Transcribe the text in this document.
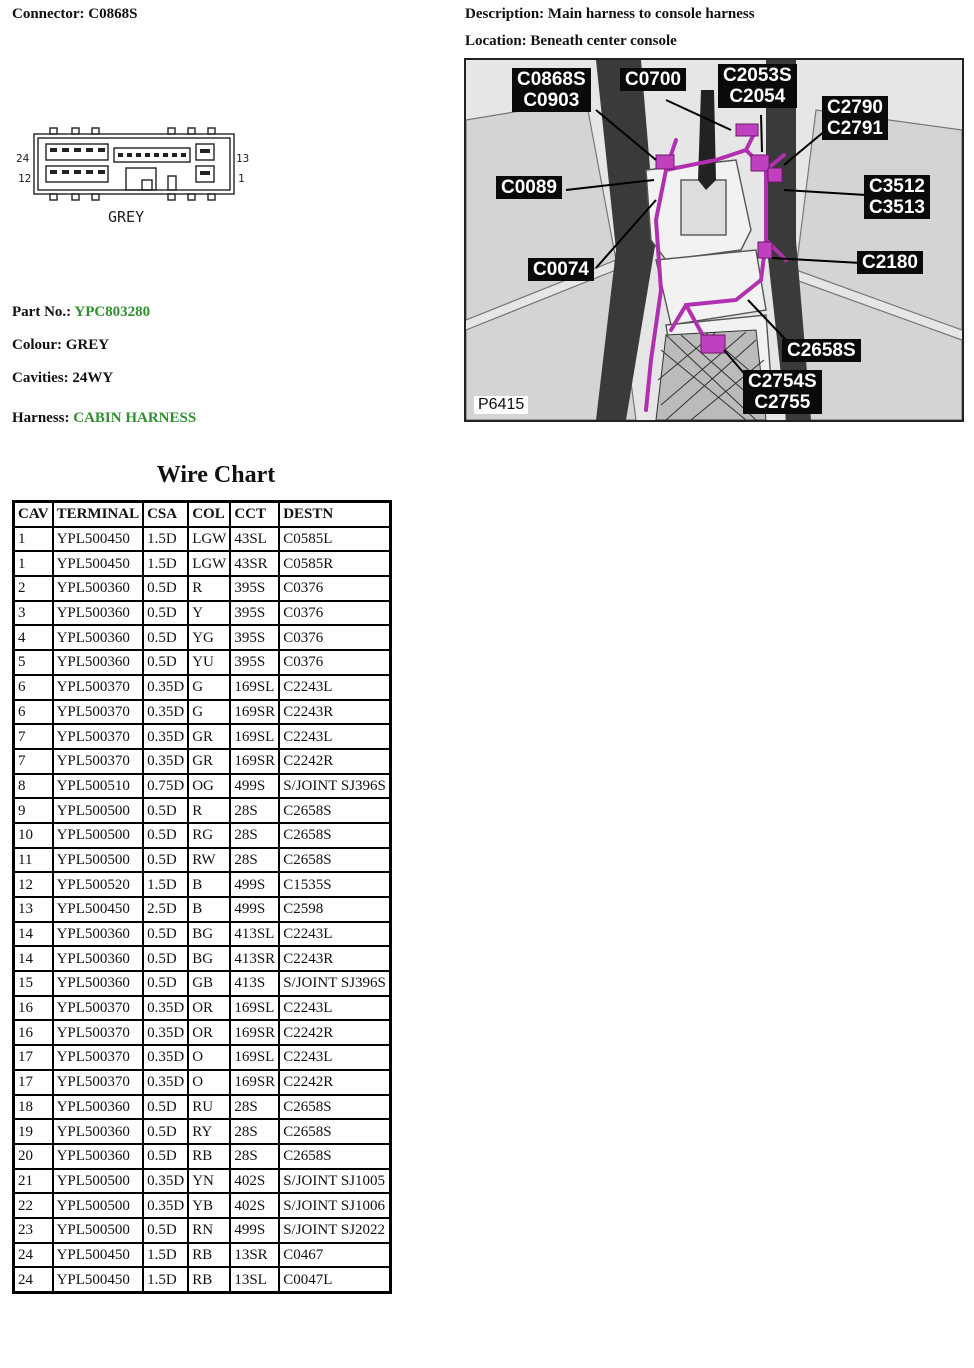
Connector: C0868S	Description: Main harness to console harness
Location: Beneath center console
24	13
12	1
GREY
Part No.: YPC803280
Colour: GREY
Cavities: 24WY
Harness: CABIN HARNESS
C0868S
C0903
C0700 C2053S
C2054
C2790
C2791
C0089	C3512
C3513
C2180
C0074
C2658S
C2754S
C2755
P6415
Wire Chart
CAV	TERMINAL	CSA	COL	CCT	DESTN
1	YPL500450	1.5D	LGW	43SL	C0585L
1	YPL500450	1.5D	LGW	43SR	C0585R
2	YPL500360	0.5D	R	395S	C0376
3	YPL500360	0.5D	Y	395S	C0376
4	YPL500360	0.5D	YG	395S	C0376
5	YPL500360	0.5D	YU	395S	C0376
6	YPL500370	0.35D	G	169SL	C2243L
6	YPL500370	0.35D	G	169SR	C2243R
7	YPL500370	0.35D	GR	169SL	C2243L
7	YPL500370	0.35D	GR	169SR	C2242R
8	YPL500510	0.75D	OG	499S	S/JOINT SJ396S
9	YPL500500	0.5D	R	28S	C2658S
10	YPL500500	0.5D	RG	28S	C2658S
11	YPL500500	0.5D	RW	28S	C2658S
12	YPL500520	1.5D	B	499S	C1535S
13	YPL500450	2.5D	B	499S	C2598
14	YPL500360	0.5D	BG	413SL	C2243L
14	YPL500360	0.5D	BG	413SR	C2243R
15	YPL500360	0.5D	GB	413S	S/JOINT SJ396S
16	YPL500370	0.35D	OR	169SL	C2243L
16	YPL500370	0.35D	OR	169SR	C2242R
17	YPL500370	0.35D	O	169SL	C2243L
17	YPL500370	0.35D	O	169SR	C2242R
18	YPL500360	0.5D	RU	28S	C2658S
19	YPL500360	0.5D	RY	28S	C2658S
20	YPL500360	0.5D	RB	28S	C2658S
21	YPL500500	0.35D	YN	402S	S/JOINT SJ1005
22	YPL500500	0.35D	YB	402S	S/JOINT SJ1006
23	YPL500500	0.5D	RN	499S	S/JOINT SJ2022
24	YPL500450	1.5D	RB	13SR	C0467
24	YPL500450	1.5D	RB	13SL	C0047L
